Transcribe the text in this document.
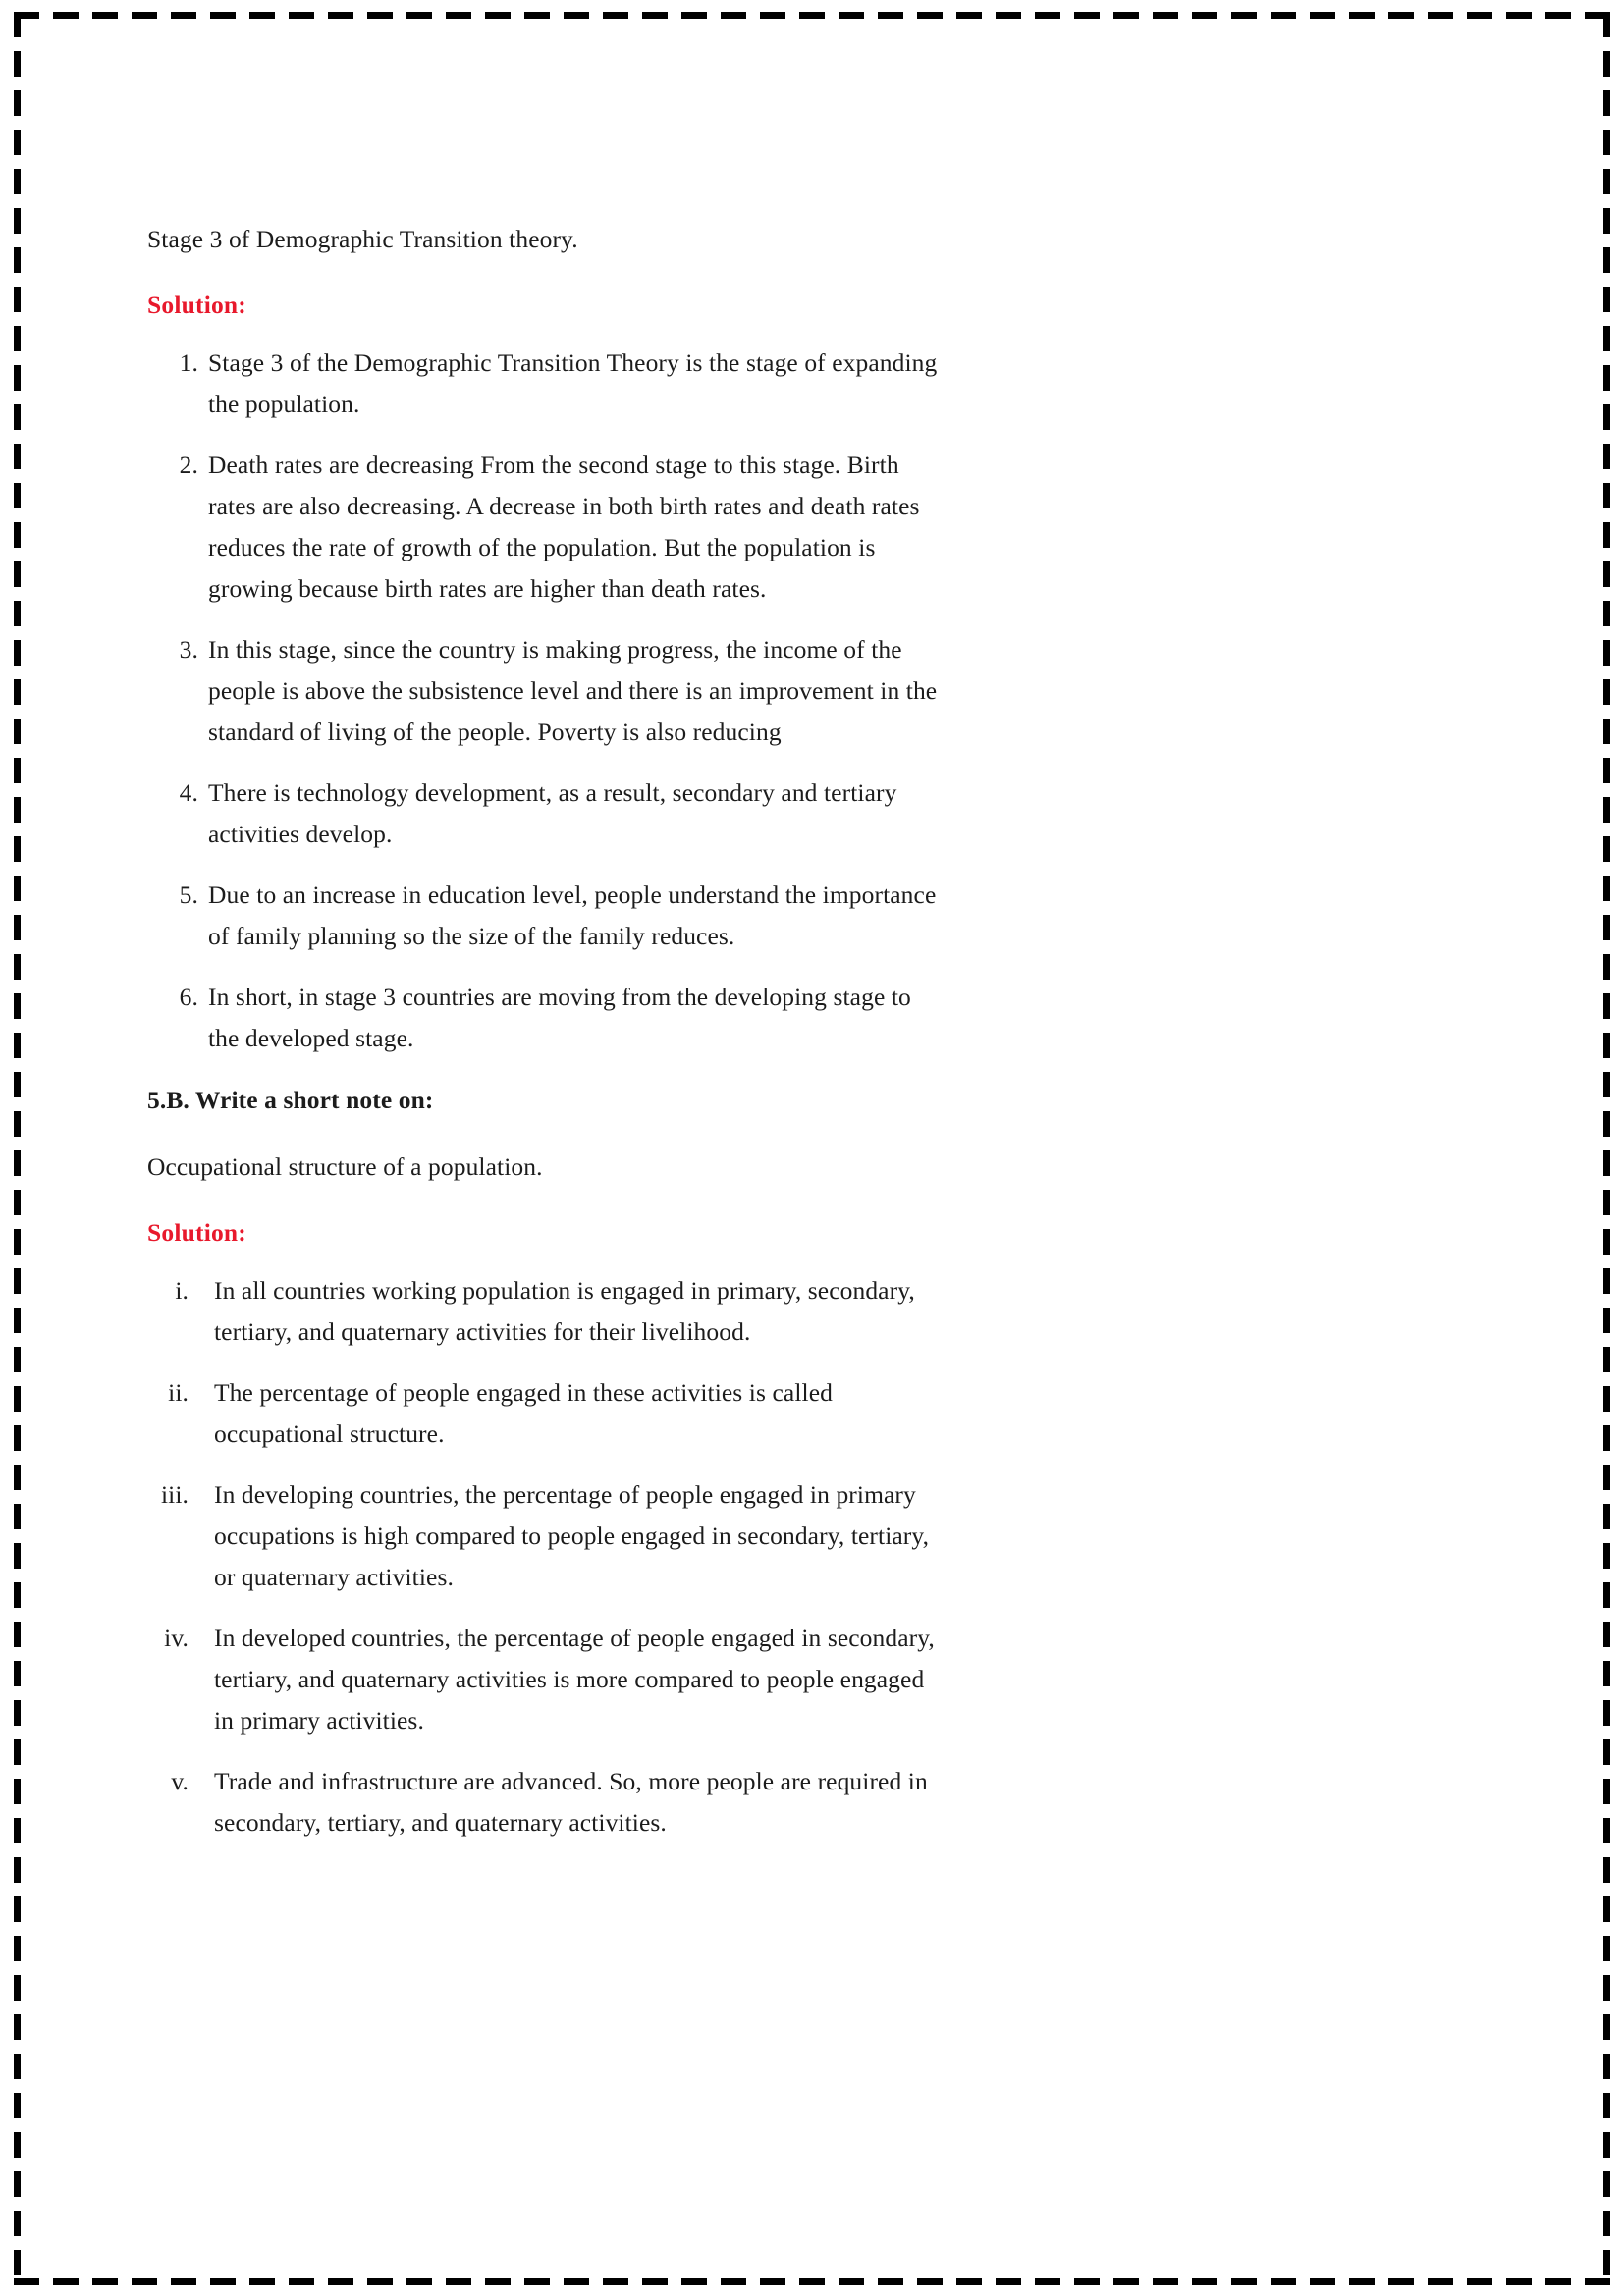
Stage 3 of Demographic Transition theory.

Solution:

1. Stage 3 of the Demographic Transition Theory is the stage of expanding the population.
2. Death rates are decreasing From the second stage to this stage. Birth rates are also decreasing. A decrease in both birth rates and death rates reduces the rate of growth of the population. But the population is growing because birth rates are higher than death rates.
3. In this stage, since the country is making progress, the income of the people is above the subsistence level and there is an improvement in the standard of living of the people. Poverty is also reducing
4. There is technology development, as a result, secondary and tertiary activities develop.
5. Due to an increase in education level, people understand the importance of family planning so the size of the family reduces.
6. In short, in stage 3 countries are moving from the developing stage to the developed stage.

5.B. Write a short note on:

Occupational structure of a population.

Solution:

i. In all countries working population is engaged in primary, secondary, tertiary, and quaternary activities for their livelihood.
ii. The percentage of people engaged in these activities is called occupational structure.
iii. In developing countries, the percentage of people engaged in primary occupations is high compared to people engaged in secondary, tertiary, or quaternary activities.
iv. In developed countries, the percentage of people engaged in secondary, tertiary, and quaternary activities is more compared to people engaged in primary activities.
v. Trade and infrastructure are advanced. So, more people are required in secondary, tertiary, and quaternary activities.
